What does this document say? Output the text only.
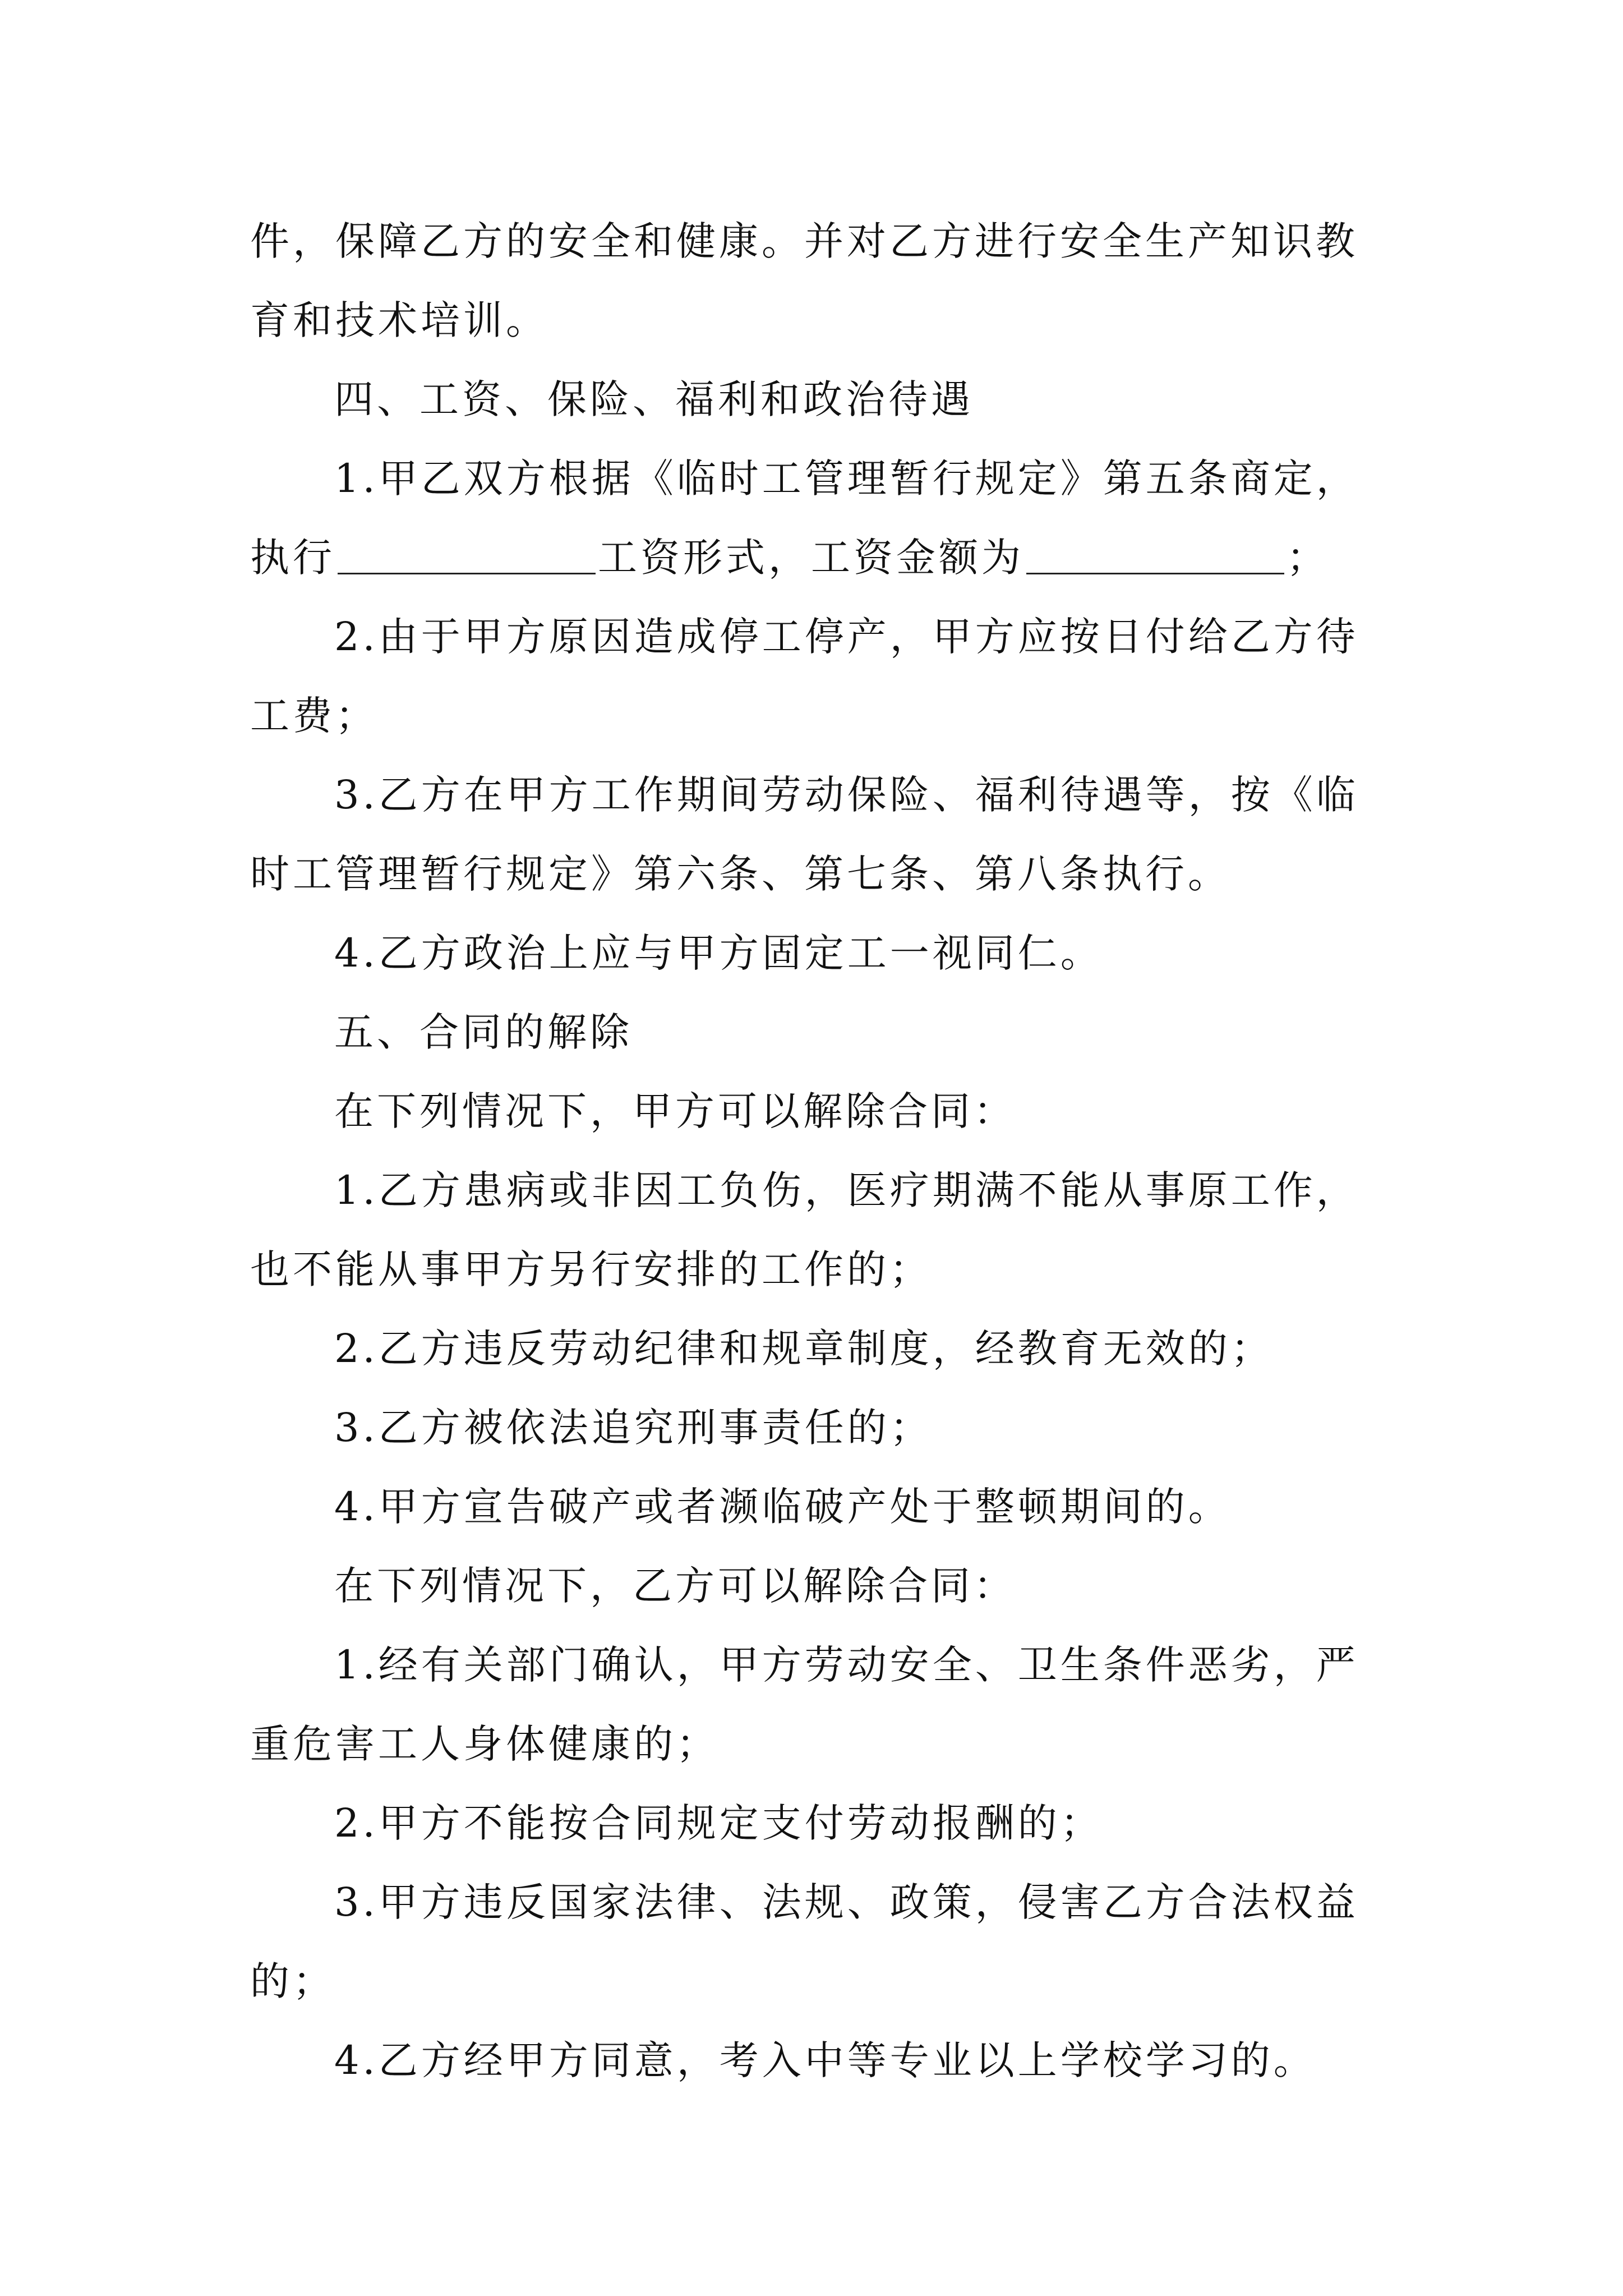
件，保障乙方的安全和健康。并对乙方进行安全生产知识教
育和技术培训。
四、工资、保险、福利和政治待遇
1.甲乙双方根据《临时工管理暂行规定》第五条商定，
执行	工资形式，工资金额为	；
2.由于甲方原因造成停工停产，甲方应按日付给乙方待
工费；
3.乙方在甲方工作期间劳动保险、福利待遇等，按《临
时工管理暂行规定》第六条、第七条、第八条执行。
4.乙方政治上应与甲方固定工一视同仁。
五、合同的解除
在下列情况下，甲方可以解除合同：
1.乙方患病或非因工负伤，医疗期满不能从事原工作，
也不能从事甲方另行安排的工作的；
2.乙方违反劳动纪律和规章制度，经教育无效的；
3.乙方被依法追究刑事责任的；
4.甲方宣告破产或者濒临破产处于整顿期间的。
在下列情况下，乙方可以解除合同：
1.经有关部门确认，甲方劳动安全、卫生条件恶劣，严
重危害工人身体健康的；
2.甲方不能按合同规定支付劳动报酬的；
3.甲方违反国家法律、法规、政策，侵害乙方合法权益
的；
4.乙方经甲方同意，考入中等专业以上学校学习的。
